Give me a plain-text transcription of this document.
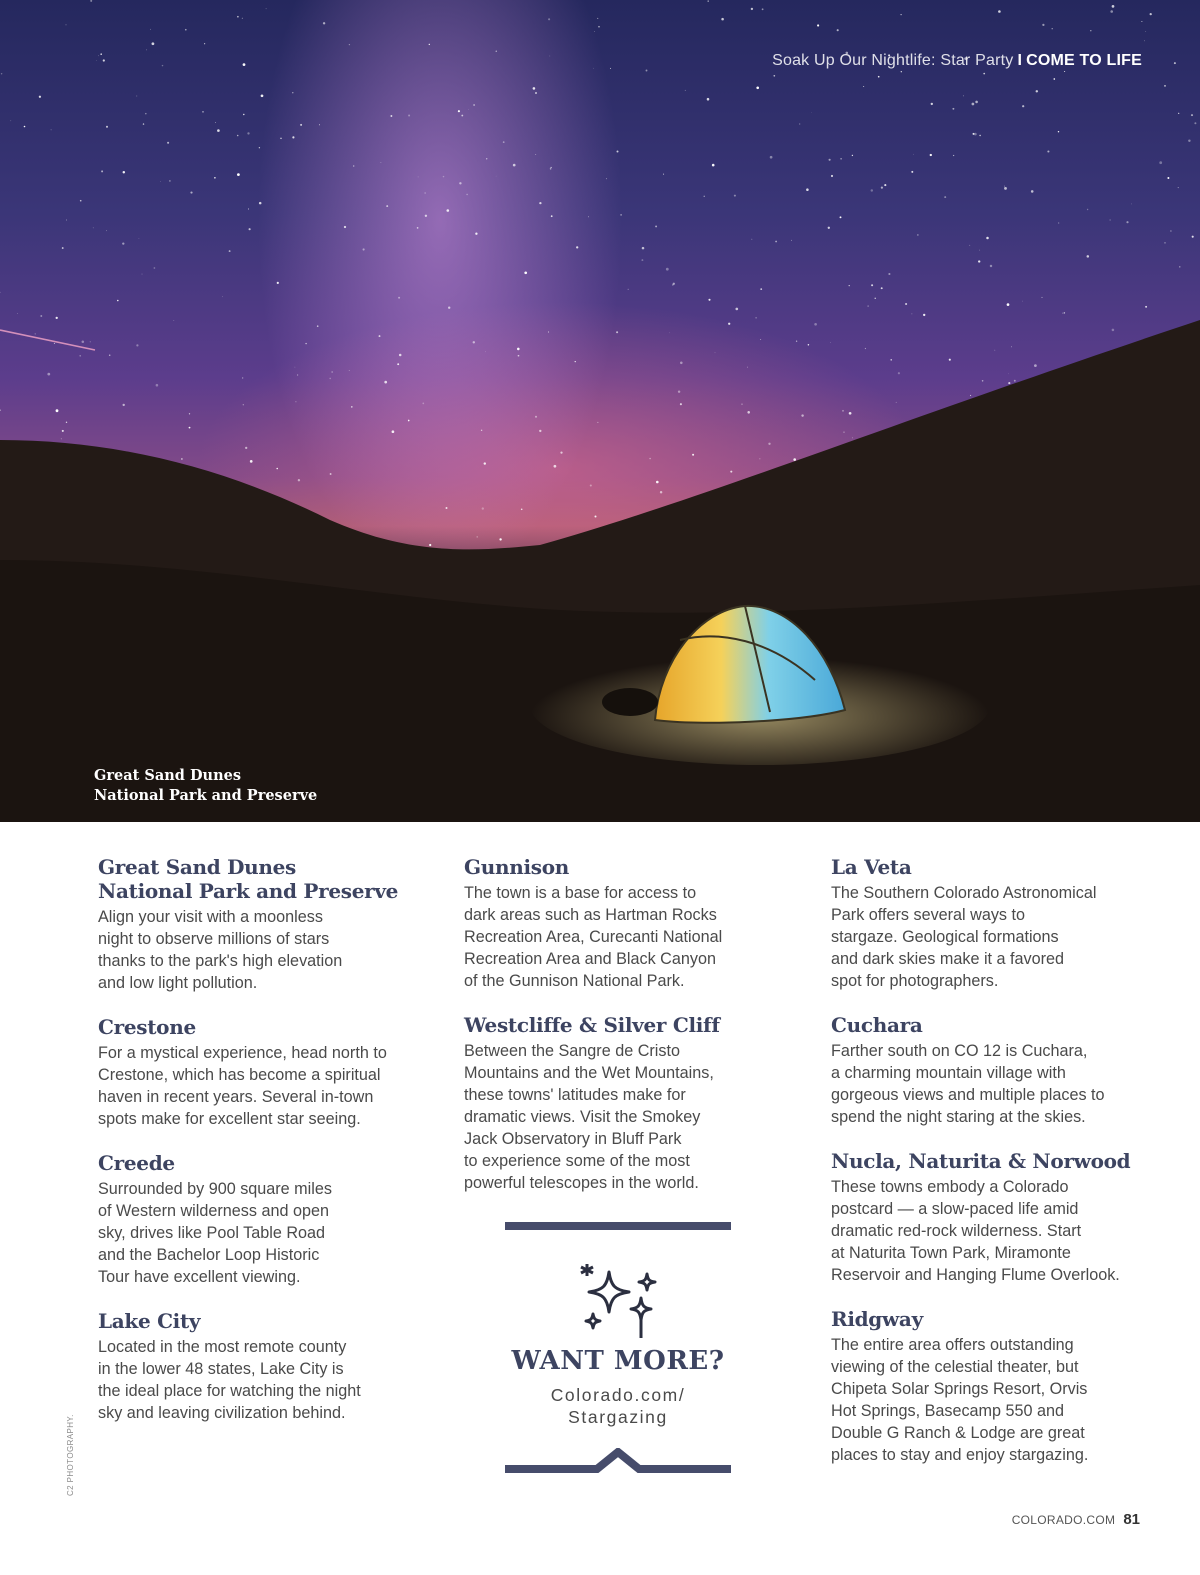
Soak Up Our Nightlife: Star Party I COME TO LIFE
Great Sand Dunes
National Park and Preserve
Great Sand Dunes
National Park and Preserve

Align your visit with a moonless
night to observe millions of stars
thanks to the park's high elevation
and low light pollution.

Crestone

For a mystical experience, head north to
Crestone, which has become a spiritual
haven in recent years. Several in-town
spots make for excellent star seeing.

Creede

Surrounded by 900 square miles
of Western wilderness and open
sky, drives like Pool Table Road
and the Bachelor Loop Historic
Tour have excellent viewing.

Lake City

Located in the most remote county
in the lower 48 states, Lake City is
the ideal place for watching the night
sky and leaving civilization behind.

Gunnison

The town is a base for access to
dark areas such as Hartman Rocks
Recreation Area, Curecanti National
Recreation Area and Black Canyon
of the Gunnison National Park.

Westcliffe & Silver Cliff

Between the Sangre de Cristo
Mountains and the Wet Mountains,
these towns' latitudes make for
dramatic views. Visit the Smokey
Jack Observatory in Bluff Park
to experience some of the most
powerful telescopes in the world.

La Veta

The Southern Colorado Astronomical
Park offers several ways to
stargaze. Geological formations
and dark skies make it a favored
spot for photographers.

Cuchara

Farther south on CO 12 is Cuchara,
a charming mountain village with
gorgeous views and multiple places to
spend the night staring at the skies.

Nucla, Naturita & Norwood

These towns embody a Colorado
postcard — a slow-paced life amid
dramatic red-rock wilderness. Start
at Naturita Town Park, Miramonte
Reservoir and Hanging Flume Overlook.

Ridgway

The entire area offers outstanding
viewing of the celestial theater, but
Chipeta Solar Springs Resort, Orvis
Hot Springs, Basecamp 550 and
Double G Ranch & Lodge are great
places to stay and enjoy stargazing.

WANT MORE?
Colorado.com/
Stargazing
C2 PHOTOGRAPHY.
COLORADO.COM 81
